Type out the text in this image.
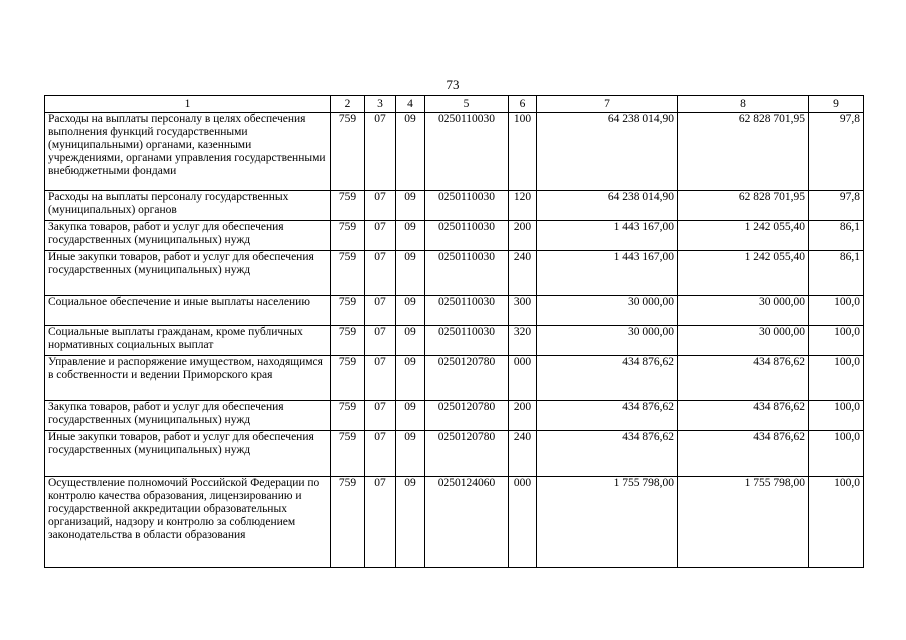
73
1	2	3	4	5	6	7	8	9
Расходы на выплаты персоналу в целях обеспечения выполнения функций государственными (муниципальными) органами, казенными учреждениями, органами управления государственными внебюджетными фондами	759	07	09	0250110030	100	64 238 014,90	62 828 701,95	97,8
Расходы на выплаты персоналу государственных (муниципальных) органов	759	07	09	0250110030	120	64 238 014,90	62 828 701,95	97,8
Закупка товаров, работ и услуг для обеспечения государственных (муниципальных) нужд	759	07	09	0250110030	200	1 443 167,00	1 242 055,40	86,1
Иные закупки товаров, работ и услуг для обеспечения государственных (муниципальных) нужд	759	07	09	0250110030	240	1 443 167,00	1 242 055,40	86,1
Социальное обеспечение и иные выплаты населению	759	07	09	0250110030	300	30 000,00	30 000,00	100,0
Социальные выплаты гражданам, кроме публичных нормативных социальных выплат	759	07	09	0250110030	320	30 000,00	30 000,00	100,0
Управление и распоряжение имуществом, находящимся в собственности и ведении Приморского края	759	07	09	0250120780	000	434 876,62	434 876,62	100,0
Закупка товаров, работ и услуг для обеспечения государственных (муниципальных) нужд	759	07	09	0250120780	200	434 876,62	434 876,62	100,0
Иные закупки товаров, работ и услуг для обеспечения государственных (муниципальных) нужд	759	07	09	0250120780	240	434 876,62	434 876,62	100,0
Осуществление полномочий Российской Федерации по контролю качества образования, лицензированию и государственной аккредитации образовательных организаций, надзору и контролю за соблюдением законодательства в области образования	759	07	09	0250124060	000	1 755 798,00	1 755 798,00	100,0
